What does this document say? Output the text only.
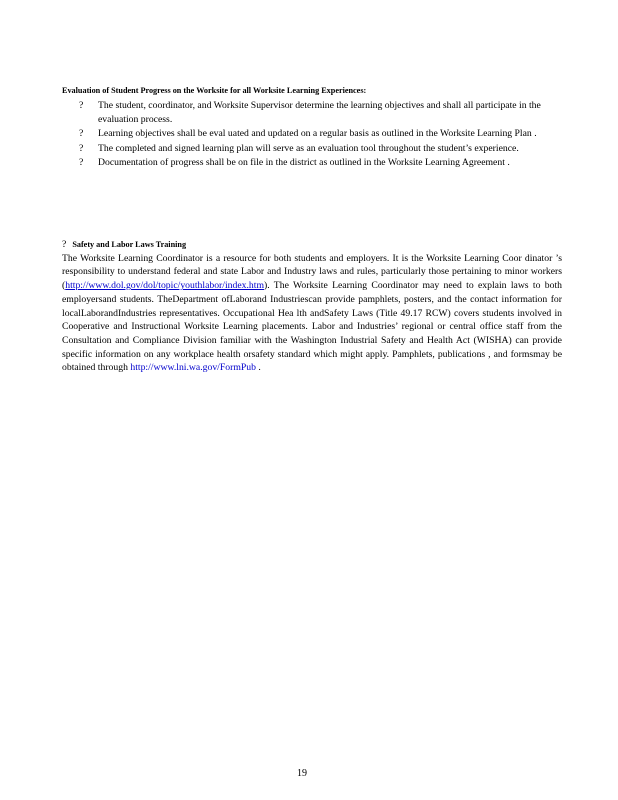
Evaluation of Student Progress on the Worksite for all Worksite Learning Experiences:
? The student, coordinator, and Worksite Supervisor determine the learning objectives and shall all participate in the evaluation process.
? Learning objectives shall be eval uated and updated on a regular basis as outlined in the Worksite Learning Plan .
? The completed and signed learning plan will serve as an evaluation tool throughout the student’s experience.
? Documentation of progress shall be on file in the district as outlined in the Worksite Learning Agreement .
? Safety and Labor Laws Training

The Worksite Learning Coordinator is a resource for both students and employers. It is the Worksite Learning Coor dinator ’s responsibility to understand federal and state Labor and Industry laws and rules, particularly those pertaining to minor workers (http://www.dol.gov/dol/topic/youthlabor/index.htm). The Worksite Learning Coordinator may need to explain laws to both employersand students. TheDepartment ofLaborand Industriescan provide pamphlets, posters, and the contact information for localLaborandIndustries representatives. Occupational Hea lth andSafety Laws (Title 49.17 RCW) covers students involved in Cooperative and Instructional Worksite Learning placements. Labor and Industries’ regional or central office staff from the Consultation and Compliance Division familiar with the Washington Industrial Safety and Health Act (WISHA) can provide specific information on any workplace health orsafety standard which might apply. Pamphlets, publications , and formsmay be obtained through http://www.lni.wa.gov/FormPub .

19
